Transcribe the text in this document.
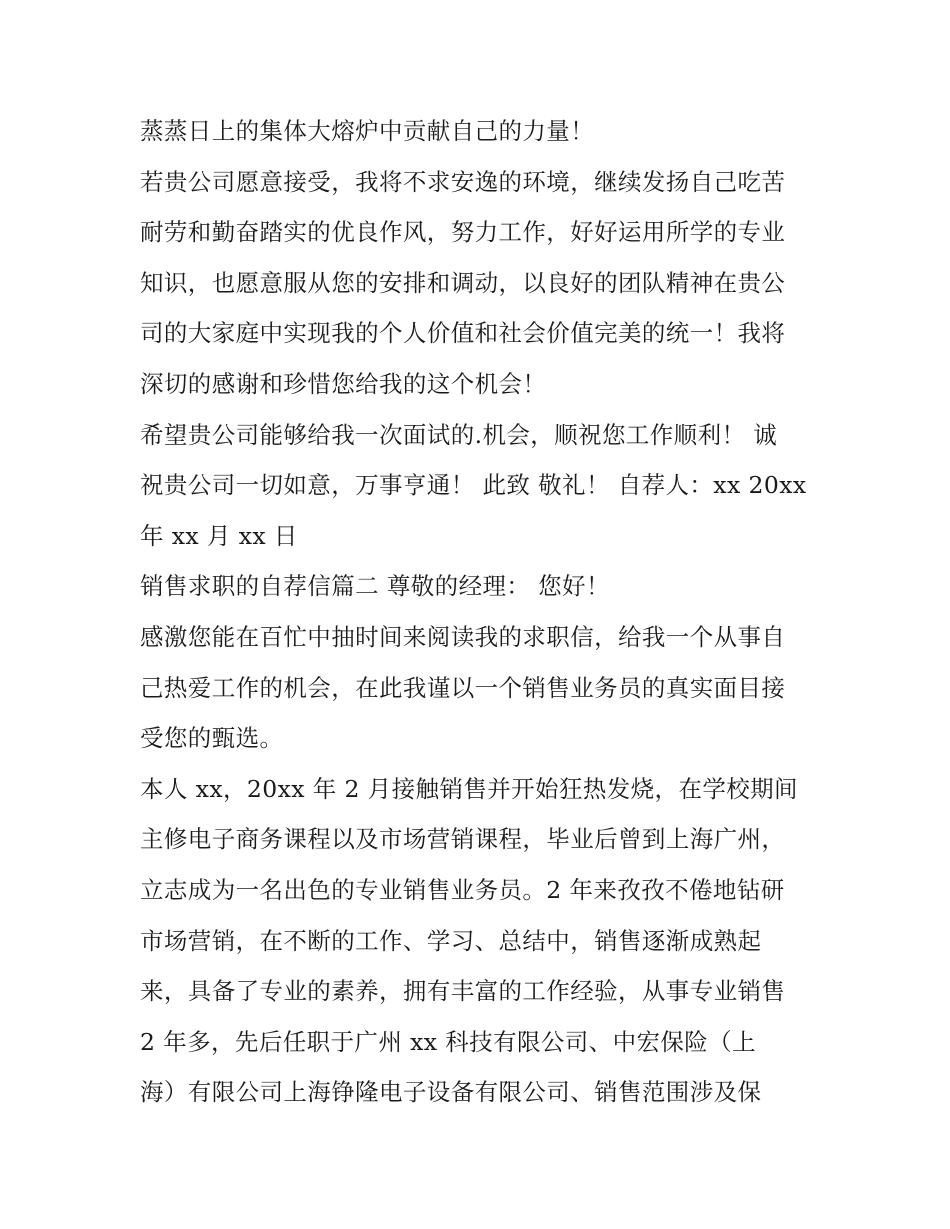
蒸蒸日上的集体大熔炉中贡献自己的力量！
若贵公司愿意接受，我将不求安逸的环境，继续发扬自己吃苦
耐劳和勤奋踏实的优良作风，努力工作，好好运用所学的专业
知识，也愿意服从您的安排和调动，以良好的团队精神在贵公
司的大家庭中实现我的个人价值和社会价值完美的统一！我将
深切的感谢和珍惜您给我的这个机会！
希望贵公司能够给我一次面试的.机会，顺祝您工作顺利！ 诚
祝贵公司一切如意，万事亨通！ 此致 敬礼！ 自荐人：xx 20xx
年 xx 月 xx 日
销售求职的自荐信篇二 尊敬的经理： 您好！
感激您能在百忙中抽时间来阅读我的求职信，给我一个从事自
己热爱工作的机会，在此我谨以一个销售业务员的真实面目接
受您的甄选。
本人 xx，20xx 年 2 月接触销售并开始狂热发烧，在学校期间
主修电子商务课程以及市场营销课程，毕业后曾到上海广州，
立志成为一名出色的专业销售业务员。2 年来孜孜不倦地钻研
市场营销，在不断的工作、学习、总结中，销售逐渐成熟起
来，具备了专业的素养，拥有丰富的工作经验，从事专业销售
2 年多，先后任职于广州 xx 科技有限公司、中宏保险（上
海）有限公司上海铮隆电子设备有限公司、销售范围涉及保
